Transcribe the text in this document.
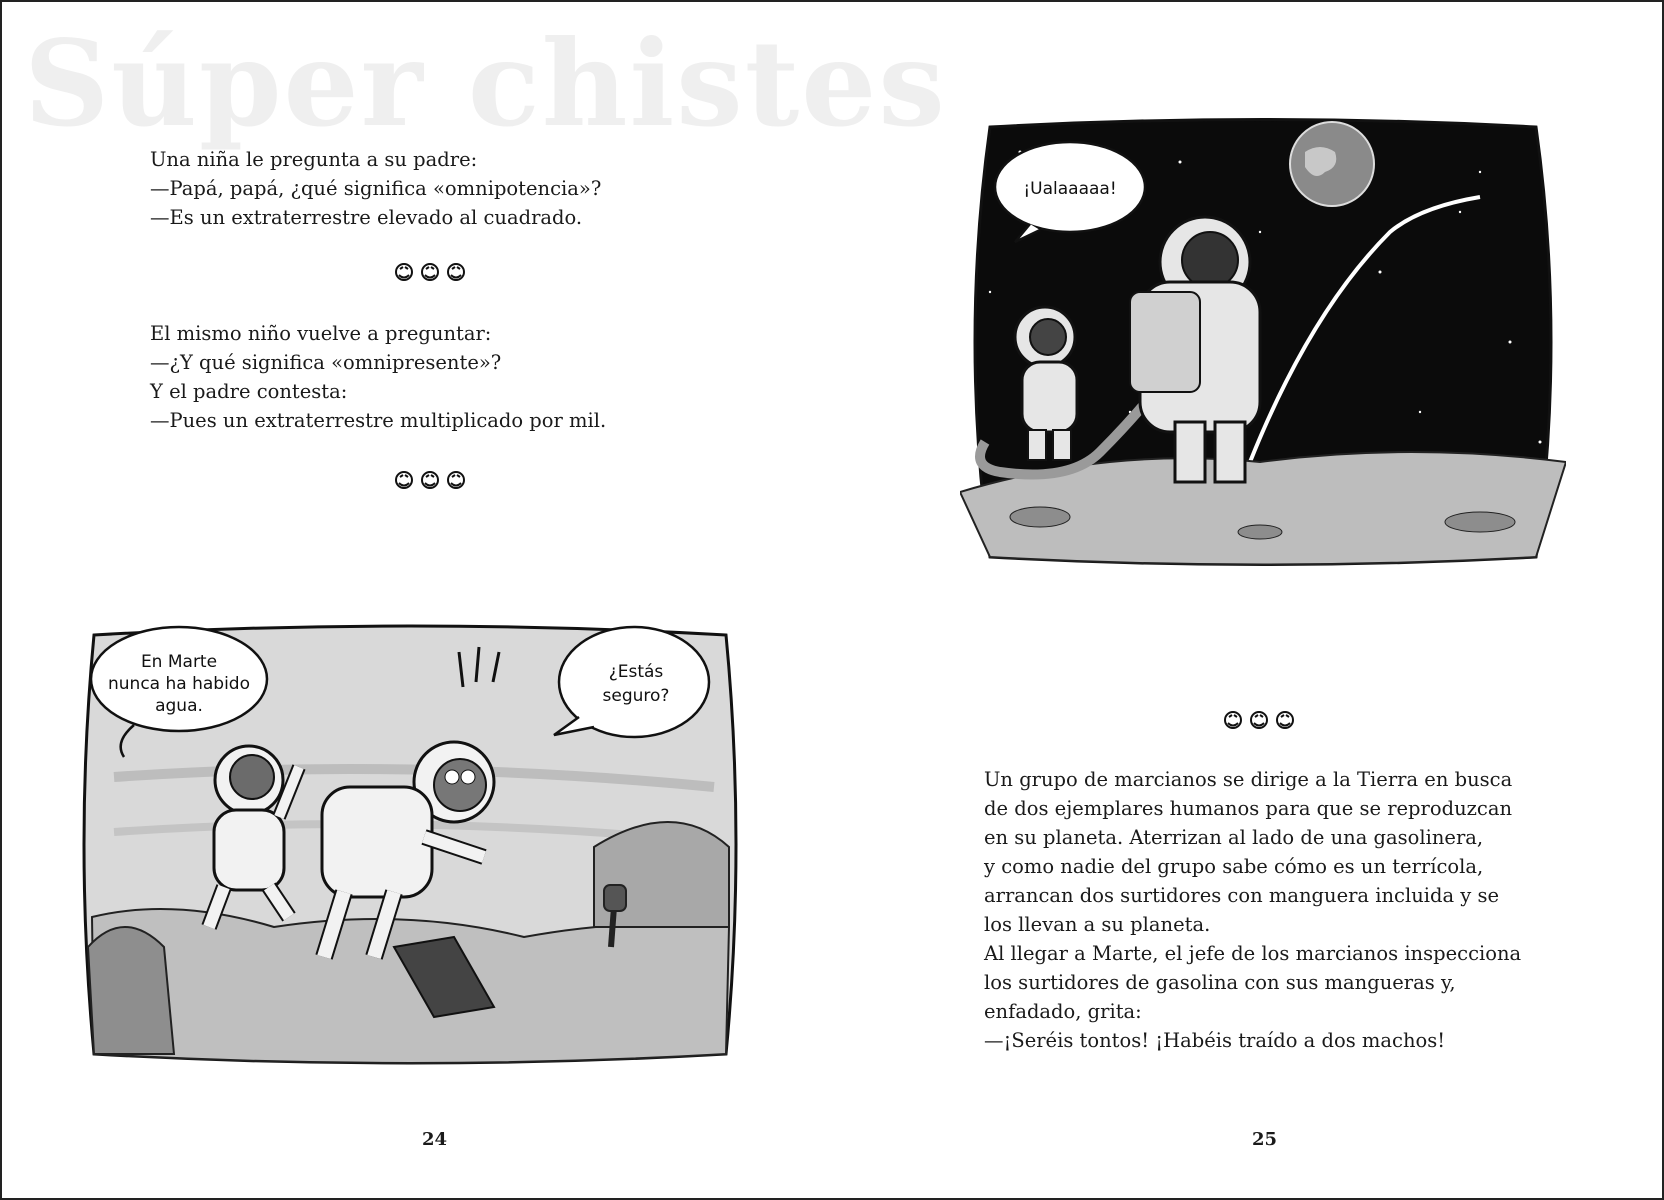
Súper chistes

Una niña le pregunta a su padre:

—Papá, papá, ¿qué significa «omnipotencia»?

—Es un extraterrestre elevado al cuadrado.

El mismo niño vuelve a preguntar:

—¿Y qué significa «omnipresente»?

Y el padre contesta:

—Pues un extraterrestre multiplicado por mil.

En Marte
nunca ha habido
agua.
¿Estás
seguro?
24
¡Ualaaaaa!

Un grupo de marcianos se dirige a la Tierra en busca

de dos ejemplares humanos para que se reproduzcan

en su planeta. Aterrizan al lado de una gasolinera,

y como nadie del grupo sabe cómo es un terrícola,

arrancan dos surtidores con manguera incluida y se

los llevan a su planeta.

Al llegar a Marte, el jefe de los marcianos inspecciona

los surtidores de gasolina con sus mangueras y,

enfadado, grita:

—¡Seréis tontos! ¡Habéis traído a dos machos!

25
